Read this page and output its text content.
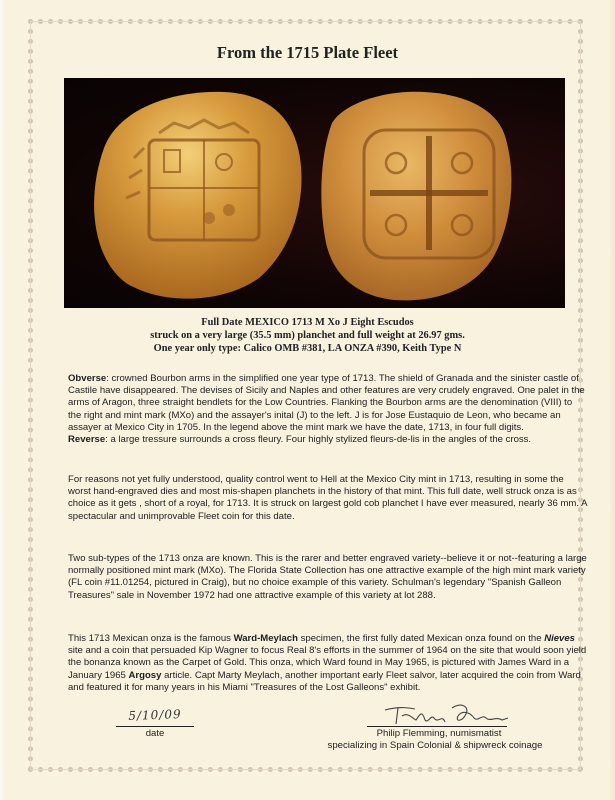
From the 1715 Plate Fleet
Full Date MEXICO 1713 M Xo J Eight Escudos
struck on a very large (35.5 mm) planchet and full weight at 26.97 gms.
One year only type: Calico OMB #381, LA ONZA #390, Keith Type N

Obverse: crowned Bourbon arms in the simplified one year type of 1713. The shield of Granada and the sinister castle of Castile have disappeared. The devises of Sicily and Naples and other features are very crudely engraved. One palet in the arms of Aragon, three straight bendlets for the Low Countries. Flanking the Bourbon arms are the denomination (VIII) to the right and mint mark (MXo) and the assayer's inital (J) to the left. J is for Jose Eustaquio de Leon, who became an assayer at Mexico City in 1705. In the legend above the mint mark we have the date, 1713, in four full digits.

Reverse: a large tressure surrounds a cross fleury. Four highly stylized fleurs-de-lis in the angles of the cross.

For reasons not yet fully understood, quality control went to Hell at the Mexico City mint in 1713, resulting in some the worst hand-engraved dies and most mis-shapen planchets in the history of that mint. This full date, well struck onza is as choice as it gets , short of a royal, for 1713. It is struck on largest gold cob planchet I have ever measured, nearly 36 mm. A spectacular and unimprovable Fleet coin for this date.

Two sub-types of the 1713 onza are known. This is the rarer and better engraved variety--believe it or not--featuring a large normally positioned mint mark (MXo). The Florida State Collection has one attractive example of the high mint mark variety (FL coin #11.01254, pictured in Craig), but no choice example of this variety. Schulman's legendary "Spanish Galleon Treasures" sale in November 1972 had one attractive example of this variety at lot 288.

This 1713 Mexican onza is the famous Ward-Meylach specimen, the first fully dated Mexican onza found on the Nieves site and a coin that persuaded Kip Wagner to focus Real 8's efforts in the summer of 1964 on the site that would soon yield the bonanza known as the Carpet of Gold. This onza, which Ward found in May 1965, is pictured with James Ward in a January 1965 Argosy article. Capt Marty Meylach, another important early Fleet salvor, later acquired the coin from Ward and featured it for many years in his Miami "Treasures of the Lost Galleons" exhibit.

5/10/09
date	Philip Flemming, numismatist
specializing in Spain Colonial & shipwreck coinage
